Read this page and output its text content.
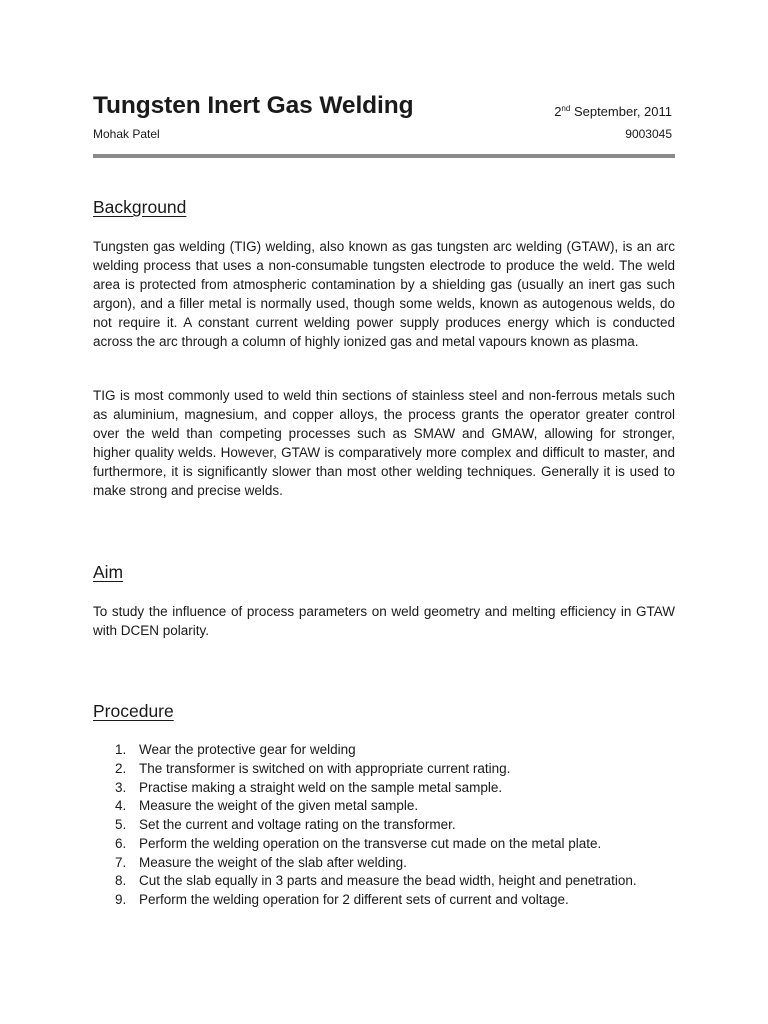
Tungsten Inert Gas Welding	2nd September, 2011
Mohak Patel	9003045
Background

Tungsten gas welding (TIG) welding, also known as gas tungsten arc welding (GTAW), is an arc welding process that uses a non-consumable tungsten electrode to produce the weld. The weld area is protected from atmospheric contamination by a shielding gas (usually an inert gas such argon), and a filler metal is normally used, though some welds, known as autogenous welds, do not require it. A constant current welding power supply produces energy which is conducted across the arc through a column of highly ionized gas and metal vapours known as plasma.

TIG is most commonly used to weld thin sections of stainless steel and non-ferrous metals such as aluminium, magnesium, and copper alloys, the process grants the operator greater control over the weld than competing processes such as SMAW and GMAW, allowing for stronger, higher quality welds. However, GTAW is comparatively more complex and difficult to master, and furthermore, it is significantly slower than most other welding techniques. Generally it is used to make strong and precise welds.

Aim

To study the influence of process parameters on weld geometry and melting efficiency in GTAW with DCEN polarity.

Procedure
1. Wear the protective gear for welding
2. The transformer is switched on with appropriate current rating.
3. Practise making a straight weld on the sample metal sample.
4. Measure the weight of the given metal sample.
5. Set the current and voltage rating on the transformer.
6. Perform the welding operation on the transverse cut made on the metal plate.
7. Measure the weight of the slab after welding.
8. Cut the slab equally in 3 parts and measure the bead width, height and penetration.
9. Perform the welding operation for 2 different sets of current and voltage.
